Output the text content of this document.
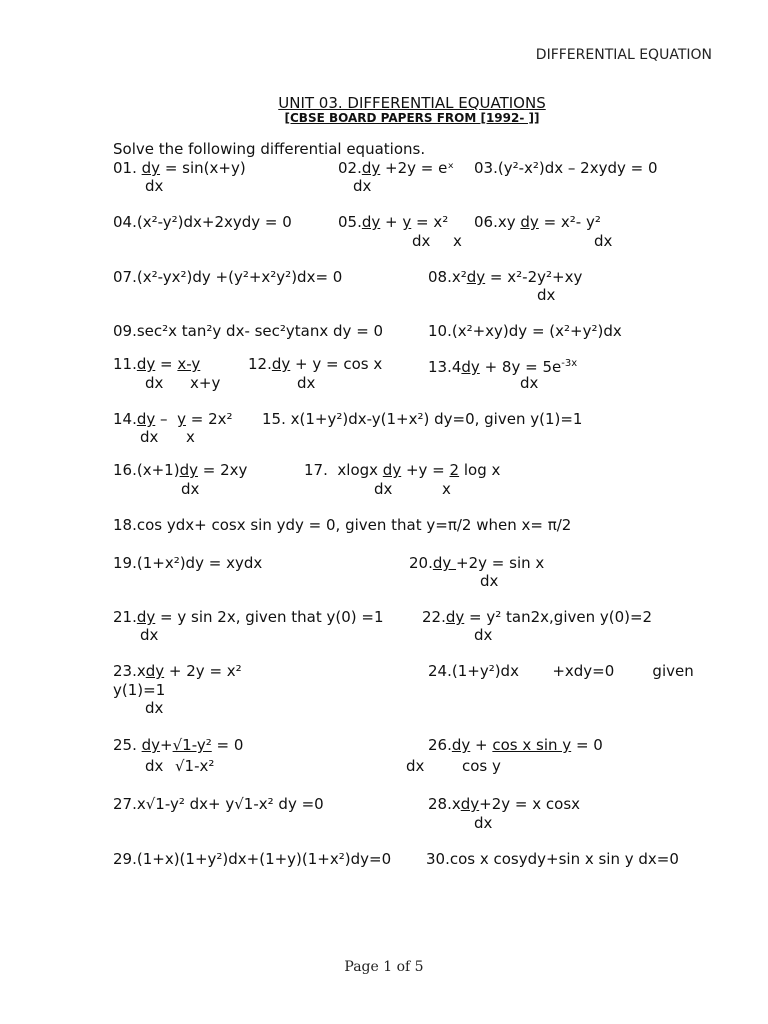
DIFFERENTIAL EQUATION
UNIT 03. DIFFERENTIAL EQUATIONS
[CBSE BOARD PAPERS FROM [1992- ]]
Solve the following differential equations.
01. dy = sin(x+y)
dx
02.dy +2y = eˣ
dx
03.(y²-x²)dx – 2xydy = 0
04.(x²-y²)dx+2xydy = 0	05.dy + y = x²
dx x
06.xy dy = x²- y²
dx
07.(x²-yx²)dy +(y²+x²y²)dx= 0	08.x²dy = x²-2y²+xy
dx
09.sec²x tan²y dx- sec²ytanx dy = 0	10.(x²+xy)dy = (x²+y²)dx
11.dy = x-y
dx x+y
12.dy + y = cos x
dx
$13.4dy + 8y = 5e^{-3x}$
dx
14.dy –  y = 2x²
dx x
15. x(1+y²)dx-y(1+x²) dy=0, given y(1)=1
16.(x+1)dy = 2xy
dx
17.  xlogx dy +y = 2 log x
dx	x
18.cos ydx+ cosx sin ydy = 0, given that y=π/2 when x= π/2
19.(1+x²)dy = xydx	20.dy +2y = sin x
dx
21.dy = y sin 2x, given that y(0) =1
dx
22.dy = y² tan2x,given y(0)=2
dx
23.xdy + 2y = x²
dx
24.(1+y²)dx       +xdy=0        given
y(1)=1
25. dy+√1-y² = 0
dx √1-x²
26.dy + cos x sin y = 0
dx	cos y
27.x√1-y² dx+ y√1-x² dy =0	28.xdy+2y = x cosx
dx
29.(1+x)(1+y²)dx+(1+y)(1+x²)dy=0 30.cos x cosydy+sin x sin y dx=0
Page 1 of 5
